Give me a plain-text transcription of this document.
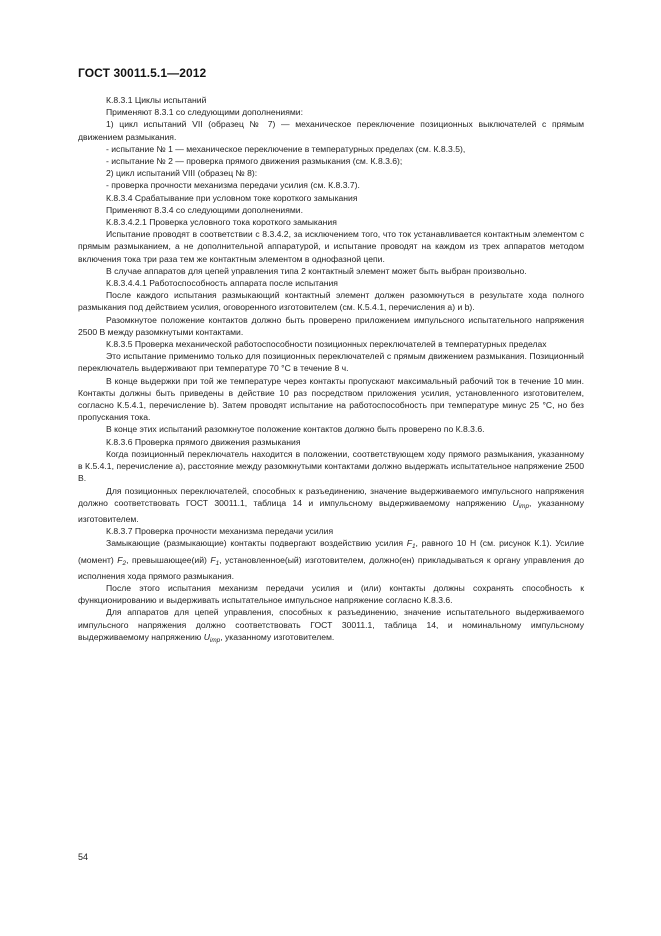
ГОСТ 30011.5.1—2012

К.8.3.1 Циклы испытаний

Применяют 8.3.1 со следующими дополнениями:

1) цикл испытаний VII (образец № 7) — механическое переключение позиционных выключателей с прямым движением размыкания.

- испытание № 1 — механическое переключение в температурных пределах (см. К.8.3.5),

- испытание № 2 — проверка прямого движения размыкания (см. К.8.3.6);

2) цикл испытаний VIII (образец № 8):

- проверка прочности механизма передачи усилия (см. К.8.3.7).

К.8.3.4 Срабатывание при условном токе короткого замыкания

Применяют 8.3.4 со следующими дополнениями.

К.8.3.4.2.1 Проверка условного тока короткого замыкания

Испытание проводят в соответствии с 8.3.4.2, за исключением того, что ток устанавливается контактным элементом с прямым размыканием, а не дополнительной аппаратурой, и испытание проводят на каждом из трех аппаратов методом включения тока три раза тем же контактным элементом в однофазной цепи.

В случае аппаратов для цепей управления типа 2 контактный элемент может быть выбран произвольно.

К.8.3.4.4.1 Работоспособность аппарата после испытания

После каждого испытания размыкающий контактный элемент должен разомкнуться в результате хода полного размыкания под действием усилия, оговоренного изготовителем (см. К.5.4.1, перечисления а) и b).

Разомкнутое положение контактов должно быть проверено приложением импульсного испытательного напряжения 2500 В между разомкнутыми контактами.

К.8.3.5 Проверка механической работоспособности позиционных переключателей в температурных пределах

Это испытание применимо только для позиционных переключателей с прямым движением размыкания. Позиционный переключатель выдерживают при температуре 70 °С в течение 8 ч.

В конце выдержки при той же температуре через контакты пропускают максимальный рабочий ток в течение 10 мин. Контакты должны быть приведены в действие 10 раз посредством приложения усилия, установленного изготовителем, согласно К.5.4.1, перечисление b). Затем проводят испытание на работоспособность при температуре минус 25 °С, но без пропускания тока.

В конце этих испытаний разомкнутое положение контактов должно быть проверено по К.8.3.6.

К.8.3.6 Проверка прямого движения размыкания

Когда позиционный переключатель находится в положении, соответствующем ходу прямого размыкания, указанному в К.5.4.1, перечисление а), расстояние между разомкнутыми контактами должно выдержать испытательное напряжение 2500 В.

Для позиционных переключателей, способных к разъединению, значение выдерживаемого импульсного напряжения должно соответствовать ГОСТ 30011.1, таблица 14 и импульсному выдерживаемому напряжению $U_{imp}$, указанному изготовителем.

К.8.3.7 Проверка прочности механизма передачи усилия

Замыкающие (размыкающие) контакты подвергают воздействию усилия $F_1$, равного 10 Н (см. рисунок К.1). Усилие (момент) $F_2$, превышающее(ий) $F_1$, установленное(ый) изготовителем, должно(ен) прикладываться к органу управления до исполнения хода прямого размыкания.

После этого испытания механизм передачи усилия и (или) контакты должны сохранять способность к функционированию и выдерживать испытательное импульсное напряжение согласно К.8.3.6.

Для аппаратов для цепей управления, способных к разъединению, значение испытательного выдерживаемого импульсного напряжения должно соответствовать ГОСТ 30011.1, таблица 14, и номинальному импульсному выдерживаемому напряжению $U_{imp}$, указанному изготовителем.

54
